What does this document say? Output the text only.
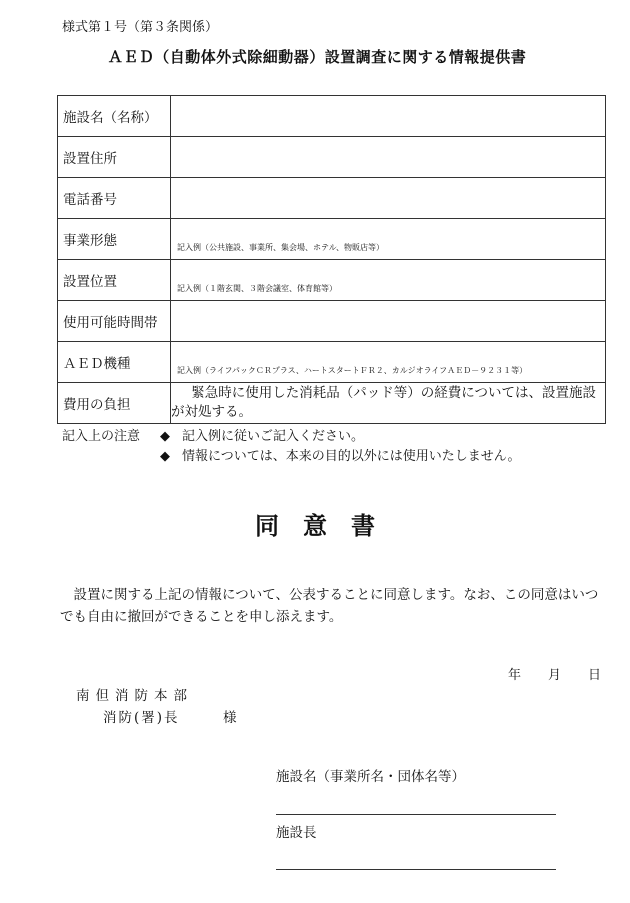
様式第１号（第３条関係）
ＡＥＤ（自動体外式除細動器）設置調査に関する情報提供書
施設名（名称）	

設置住所	

電話番号	

事業形態	記入例（公共施設、事業所、集会場、ホテル、物販店等）

設置位置	記入例（１階玄関、３階会議室、体育館等）

使用可能時間帯	

ＡＥＤ機種	記入例（ライフパックＣＲプラス、ハートスタートＦＲ２、カルジオライフＡＥＤ－９２３１等）

費用の負担	緊急時に使用した消耗品（パッド等）の経費については、設置施設が対処する。
記入上の注意 ◆ 記入例に従いご記入ください。
◆ 情報については、本来の目的以外には使用いたしません。
同意書
設置に関する上記の情報について、公表することに同意します。なお、この同意はいつでも自由に撤回ができることを申し添えます。
年 月 日
南但消防本部
消防(署)長	様
施設名（事業所名・団体名等）
施設長
